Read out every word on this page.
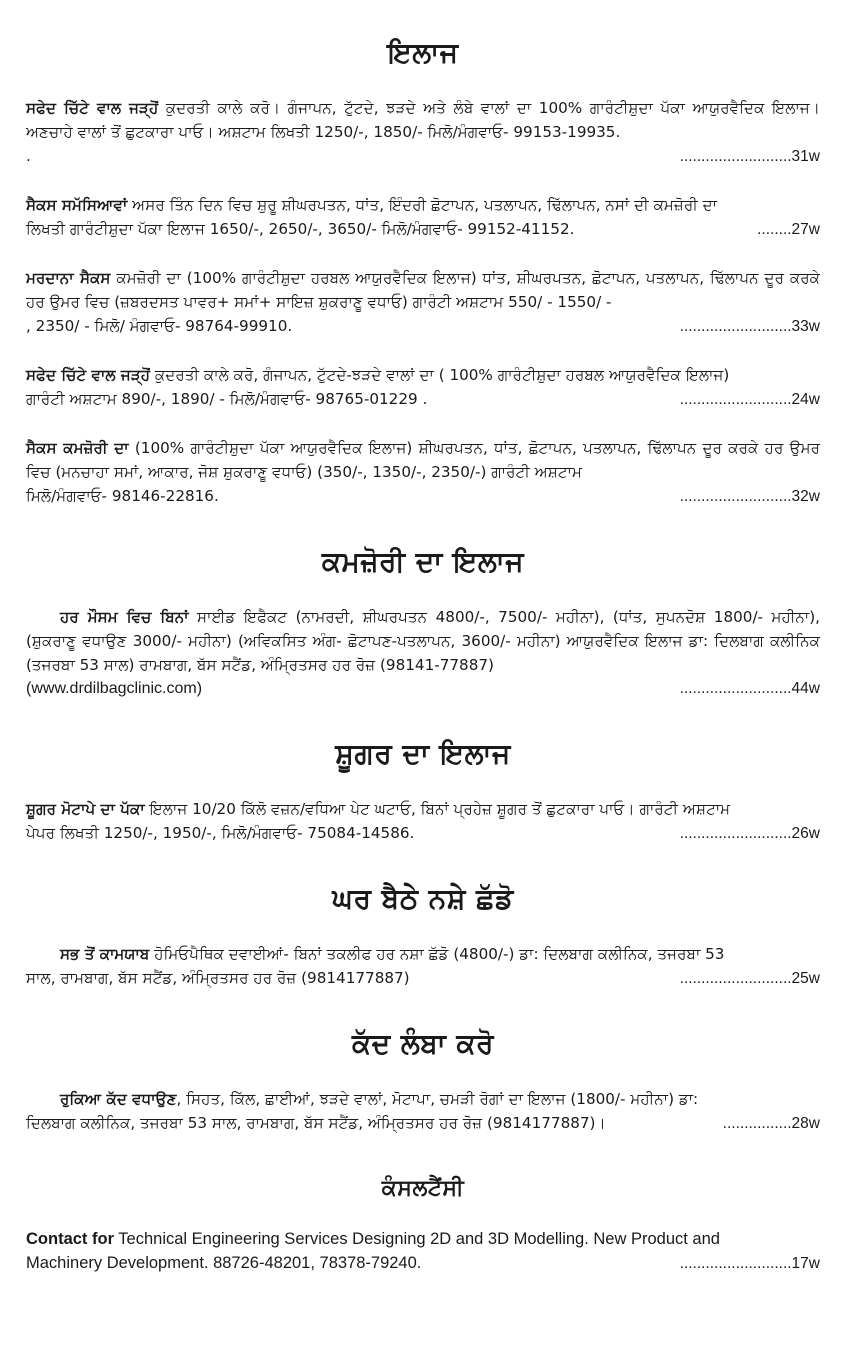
ਇਲਾਜ
ਸਫੇਦ ਚਿੱਟੇ ਵਾਲ ਜੜ੍ਹੋਂ ਕੁਦਰਤੀ ਕਾਲੇ ਕਰੋ। ਗੰਜਾਪਨ, ਟੁੱਟਦੇ, ਝੜਦੇ ਅਤੇ ਲੰਬੇ ਵਾਲਾਂ ਦਾ 100% ਗਾਰੰਟੀਸ਼ੁਦਾ ਪੱਕਾ ਆਯੁਰਵੈਦਿਕ ਇਲਾਜ। ਅਣਚਾਹੇ ਵਾਲਾਂ ਤੋਂ ਛੁਟਕਾਰਾ ਪਾਓ। ਅਸ਼ਟਾਮ ਲਿਖਤੀ 1250/-, 1850/- ਮਿਲੋ/ਮੰਗਵਾਓ- 99153-19935.
.	..........................31w
ਸੈਕਸ ਸਮੱਸਿਆਵਾਂ ਅਸਰ ਤਿੰਨ ਦਿਨ ਵਿਚ ਸ਼ੁਰੂ ਸ਼ੀਘਰਪਤਨ, ਧਾਂਤ, ਇੰਦਰੀ ਛੋਟਾਪਨ, ਪਤਲਾਪਨ, ਢਿੱਲਾਪਨ, ਨਸਾਂ ਦੀ ਕਮਜ਼ੋਰੀ ਦਾ
ਲਿਖਤੀ ਗਾਰੰਟੀਸ਼ੁਦਾ ਪੱਕਾ ਇਲਾਜ 1650/-, 2650/-, 3650/- ਮਿਲੋ/ਮੰਗਵਾਓ- 99152-41152.	........27w
ਮਰਦਾਨਾ ਸੈਕਸ ਕਮਜ਼ੋਰੀ ਦਾ (100% ਗਾਰੰਟੀਸ਼ੁਦਾ ਹਰਬਲ ਆਯੁਰਵੈਦਿਕ ਇਲਾਜ) ਧਾਂਤ, ਸ਼ੀਘਰਪਤਨ, ਛੋਟਾਪਨ, ਪਤਲਾਪਨ, ਢਿੱਲਾਪਨ ਦੂਰ ਕਰਕੇ ਹਰ ਉਮਰ ਵਿਚ (ਜ਼ਬਰਦਸਤ ਪਾਵਰ+ ਸਮਾਂ+ ਸਾਇਜ਼ ਸ਼ੁਕਰਾਣੂ ਵਧਾਓ) ਗਾਰੰਟੀ ਅਸ਼ਟਾਮ 550/ - 1550/ -
, 2350/ - ਮਿਲੋ/ ਮੰਗਵਾਓ- 98764-99910.	..........................33w
ਸਫੇਦ ਚਿੱਟੇ ਵਾਲ ਜੜ੍ਹੋਂ ਕੁਦਰਤੀ ਕਾਲੇ ਕਰੋ, ਗੰਜਾਪਨ, ਟੁੱਟਦੇ-ਝੜਦੇ ਵਾਲਾਂ ਦਾ ( 100% ਗਾਰੰਟੀਸ਼ੁਦਾ ਹਰਬਲ ਆਯੁਰਵੈਦਿਕ ਇਲਾਜ)
ਗਾਰੰਟੀ ਅਸ਼ਟਾਮ 890/-, 1890/ - ਮਿਲੋ/ਮੰਗਵਾਓ- 98765-01229 .	..........................24w
ਸੈਕਸ ਕਮਜ਼ੋਰੀ ਦਾ (100% ਗਾਰੰਟੀਸ਼ੁਦਾ ਪੱਕਾ ਆਯੁਰਵੈਦਿਕ ਇਲਾਜ) ਸ਼ੀਘਰਪਤਨ, ਧਾਂਤ, ਛੋਟਾਪਨ, ਪਤਲਾਪਨ, ਢਿੱਲਾਪਨ ਦੂਰ ਕਰਕੇ ਹਰ ਉਮਰ ਵਿਚ (ਮਨਚਾਹਾ ਸਮਾਂ, ਆਕਾਰ, ਜੋਸ਼ ਸ਼ੁਕਰਾਣੂ ਵਧਾਓ) (350/-, 1350/-, 2350/-) ਗਾਰੰਟੀ ਅਸ਼ਟਾਮ
ਮਿਲੋ/ਮੰਗਵਾਓ- 98146-22816.	..........................32w
ਕਮਜ਼ੋਰੀ ਦਾ ਇਲਾਜ
ਹਰ ਮੌਸਮ ਵਿਚ ਬਿਨਾਂ ਸਾਈਡ ਇਫੈਕਟ (ਨਾਮਰਦੀ, ਸ਼ੀਘਰਪਤਨ 4800/-, 7500/- ਮਹੀਨਾ), (ਧਾਂਤ, ਸੁਪਨਦੋਸ਼ 1800/- ਮਹੀਨਾ), (ਸ਼ੁਕਰਾਣੂ ਵਧਾਉਣ 3000/- ਮਹੀਨਾ) (ਅਵਿਕਸਿਤ ਅੰਗ- ਛੋਟਾਪਣ-ਪਤਲਾਪਨ, 3600/- ਮਹੀਨਾ) ਆਯੁਰਵੈਦਿਕ ਇਲਾਜ ਡਾ: ਦਿਲਬਾਗ ਕਲੀਨਿਕ (ਤਜਰਬਾ 53 ਸਾਲ) ਰਾਮਬਾਗ, ਬੱਸ ਸਟੈਂਡ, ਅੰਮ੍ਰਿਤਸਰ ਹਰ ਰੋਜ਼ (98141-77887)
(www.drdilbagclinic.com)	..........................44w
ਸ਼ੂਗਰ ਦਾ ਇਲਾਜ
ਸ਼ੂਗਰ ਮੋਟਾਪੇ ਦਾ ਪੱਕਾ ਇਲਾਜ 10/20 ਕਿੱਲੋ ਵਜ਼ਨ/ਵਧਿਆ ਪੇਟ ਘਟਾਓ, ਬਿਨਾਂ ਪ੍ਰਹੇਜ਼ ਸ਼ੂਗਰ ਤੋਂ ਛੁਟਕਾਰਾ ਪਾਓ। ਗਾਰੰਟੀ ਅਸ਼ਟਾਮ
ਪੇਪਰ ਲਿਖਤੀ 1250/-, 1950/-, ਮਿਲੋ/ਮੰਗਵਾਓ- 75084-14586.	..........................26w
ਘਰ ਬੈਠੇ ਨਸ਼ੇ ਛੱਡੋ
ਸਭ ਤੋਂ ਕਾਮਯਾਬ ਹੋਮਿਓਪੈਥਿਕ ਦਵਾਈਆਂ- ਬਿਨਾਂ ਤਕਲੀਫ ਹਰ ਨਸ਼ਾ ਛੱਡੋ (4800/-) ਡਾ: ਦਿਲਬਾਗ ਕਲੀਨਿਕ, ਤਜਰਬਾ 53
ਸਾਲ, ਰਾਮਬਾਗ, ਬੱਸ ਸਟੈਂਡ, ਅੰਮ੍ਰਿਤਸਰ ਹਰ ਰੋਜ਼ (9814177887)	..........................25w
ਕੱਦ ਲੰਬਾ ਕਰੋ
ਰੁਕਿਆ ਕੱਦ ਵਧਾਉਣ, ਸਿਹਤ, ਕਿੱਲ, ਛਾਈਆਂ, ਝੜਦੇ ਵਾਲਾਂ, ਮੋਟਾਪਾ, ਚਮੜੀ ਰੋਗਾਂ ਦਾ ਇਲਾਜ (1800/- ਮਹੀਨਾ) ਡਾ:
ਦਿਲਬਾਗ ਕਲੀਨਿਕ, ਤਜਰਬਾ 53 ਸਾਲ, ਰਾਮਬਾਗ, ਬੱਸ ਸਟੈਂਡ, ਅੰਮ੍ਰਿਤਸਰ ਹਰ ਰੋਜ਼ (9814177887)।	................28w
ਕੰਸਲਟੈਂਸੀ
Contact for Technical Engineering Services Designing 2D and 3D Modelling. New Product and
Machinery Development. 88726-48201, 78378-79240.	..........................17w
